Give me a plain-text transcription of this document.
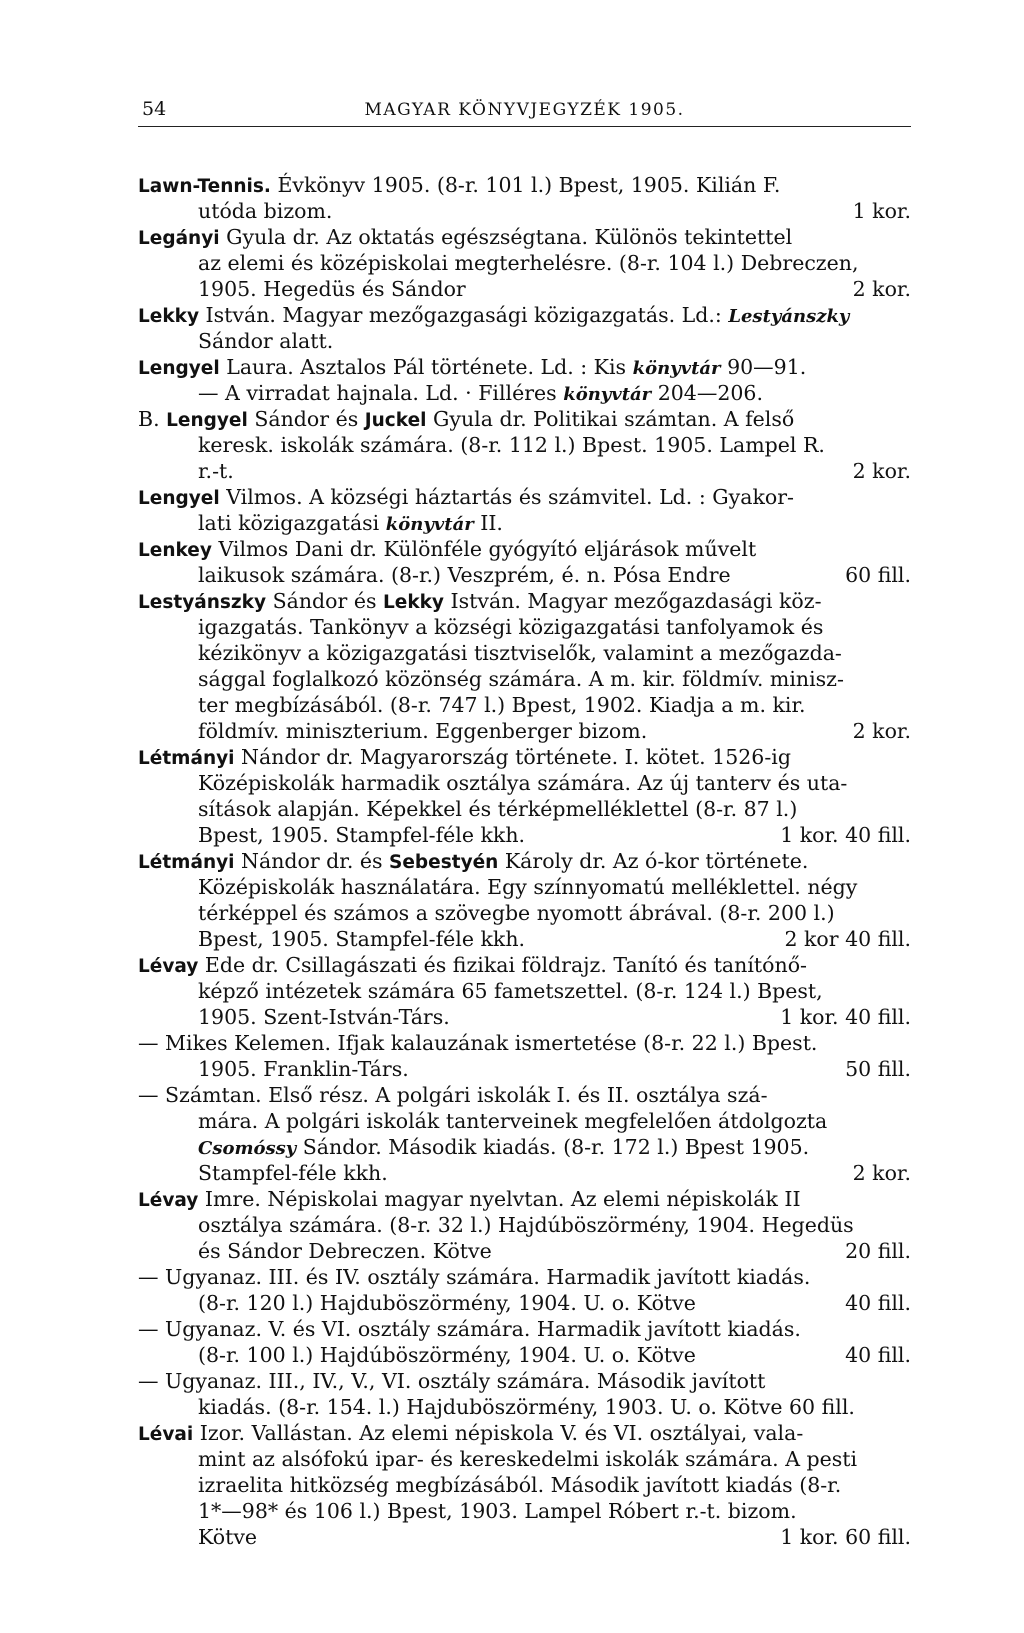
54	MAGYAR KÖNYVJEGYZÉK 1905.
Lawn-Tennis. Évkönyv 1905. (8-r. 101 l.) Bpest, 1905. Kilián F.
utóda bizom.	1 kor.
Legányi Gyula dr. Az oktatás egészségtana. Különös tekintettel
az elemi és középiskolai megterhelésre. (8-r. 104 l.) Debreczen,
1905. Hegedüs és Sándor	2 kor.
Lekky István. Magyar mezőgazgasági közigazgatás. Ld.: Lestyánszky
Sándor alatt.
Lengyel Laura. Asztalos Pál története. Ld. : Kis könyvtár 90—91.
— A virradat hajnala. Ld. · Filléres könyvtár 204—206.
B. Lengyel Sándor és Juckel Gyula dr. Politikai számtan. A felső
keresk. iskolák számára. (8-r. 112 l.) Bpest. 1905. Lampel R.
r.-t.	2 kor.
Lengyel Vilmos. A községi háztartás és számvitel. Ld. : Gyakor-
lati közigazgatási könyvtár II.
Lenkey Vilmos Dani dr. Különféle gyógyító eljárások művelt
laikusok számára. (8-r.) Veszprém, é. n. Pósa Endre	60 fill.
Lestyánszky Sándor és Lekky István. Magyar mezőgazdasági köz-
igazgatás. Tankönyv a községi közigazgatási tanfolyamok és
kézikönyv a közigazgatási tisztviselők, valamint a mezőgazda-
sággal foglalkozó közönség számára. A m. kir. földmív. minisz-
ter megbízásából. (8-r. 747 l.) Bpest, 1902. Kiadja a m. kir.
földmív. miniszterium. Eggenberger bizom.	2 kor.
Létmányi Nándor dr. Magyarország története. I. kötet. 1526-ig
Középiskolák harmadik osztálya számára. Az új tanterv és uta-
sítások alapján. Képekkel és térképmelléklettel (8-r. 87 l.)
Bpest, 1905. Stampfel-féle kkh.	1 kor. 40 fill.
Létmányi Nándor dr. és Sebestyén Károly dr. Az ó-kor története.
Középiskolák használatára. Egy színnyomatú melléklettel. négy
térképpel és számos a szövegbe nyomott ábrával. (8-r. 200 l.)
Bpest, 1905. Stampfel-féle kkh.	2 kor 40 fill.
Lévay Ede dr. Csillagászati és fizikai földrajz. Tanító és tanítónő-
képző intézetek számára 65 fametszettel. (8-r. 124 l.) Bpest,
1905. Szent-István-Társ.	1 kor. 40 fill.
— Mikes Kelemen. Ifjak kalauzának ismertetése (8-r. 22 l.) Bpest.
1905. Franklin-Társ.	50 fill.
— Számtan. Első rész. A polgári iskolák I. és II. osztálya szá-
mára. A polgári iskolák tanterveinek megfelelően átdolgozta
Csomóssy Sándor. Második kiadás. (8-r. 172 l.) Bpest 1905.
Stampfel-féle kkh.	2 kor.
Lévay Imre. Népiskolai magyar nyelvtan. Az elemi népiskolák II
osztálya számára. (8-r. 32 l.) Hajdúböszörmény, 1904. Hegedüs
és Sándor Debreczen. Kötve	20 fill.
— Ugyanaz. III. és IV. osztály számára. Harmadik javított kiadás.
(8-r. 120 l.) Hajduböszörmény, 1904. U. o. Kötve	40 fill.
— Ugyanaz. V. és VI. osztály számára. Harmadik javított kiadás.
(8-r. 100 l.) Hajdúböszörmény, 1904. U. o. Kötve	40 fill.
— Ugyanaz. III., IV., V., VI. osztály számára. Második javított
kiadás. (8-r. 154. l.) Hajduböszörmény, 1903. U. o. Kötve 60 fill.
Lévai Izor. Vallástan. Az elemi népiskola V. és VI. osztályai, vala-
mint az alsófokú ipar- és kereskedelmi iskolák számára. A pesti
izraelita hitközség megbízásából. Második javított kiadás (8-r.
1*—98* és 106 l.) Bpest, 1903. Lampel Róbert r.-t. bizom.
Kötve	1 kor. 60 fill.
